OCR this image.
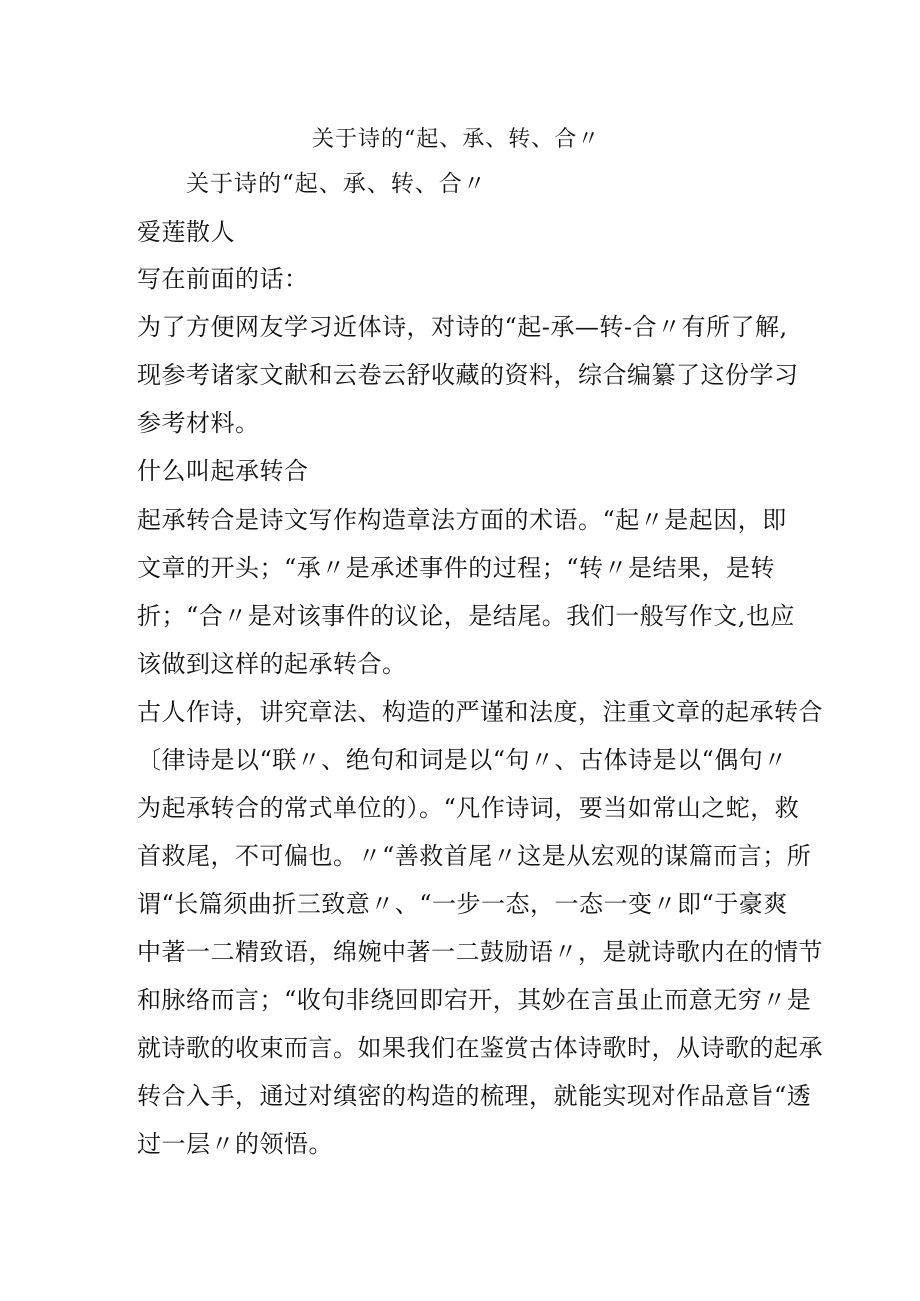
关于诗的“起、承、转、合〃
关于诗的“起、承、转、合〃
爱莲散人
写在前面的话：
为了方便网友学习近体诗，对诗的“起-承—转-合〃有所了解,
现参考诸家文献和云卷云舒收藏的资料，综合编纂了这份学习
参考材料。
什么叫起承转合
起承转合是诗文写作构造章法方面的术语。“起〃是起因，即
文章的开头；“承〃是承述事件的过程；“转〃是结果，是转
折；“合〃是对该事件的议论，是结尾。我们一般写作文,也应
该做到这样的起承转合。
古人作诗，讲究章法、构造的严谨和法度，注重文章的起承转合
〔律诗是以“联〃、绝句和词是以“句〃、古体诗是以“偶句〃
为起承转合的常式单位的）。“凡作诗词，要当如常山之蛇，救
首救尾，不可偏也。〃“善救首尾〃这是从宏观的谋篇而言；所
谓“长篇须曲折三致意〃、“一步一态，一态一变〃即“于豪爽
中著一二精致语，绵婉中著一二鼓励语〃，是就诗歌内在的情节
和脉络而言；“收句非绕回即宕开，其妙在言虽止而意无穷〃是
就诗歌的收束而言。如果我们在鉴赏古体诗歌时，从诗歌的起承
转合入手，通过对缜密的构造的梳理，就能实现对作品意旨“透
过一层〃的领悟。
